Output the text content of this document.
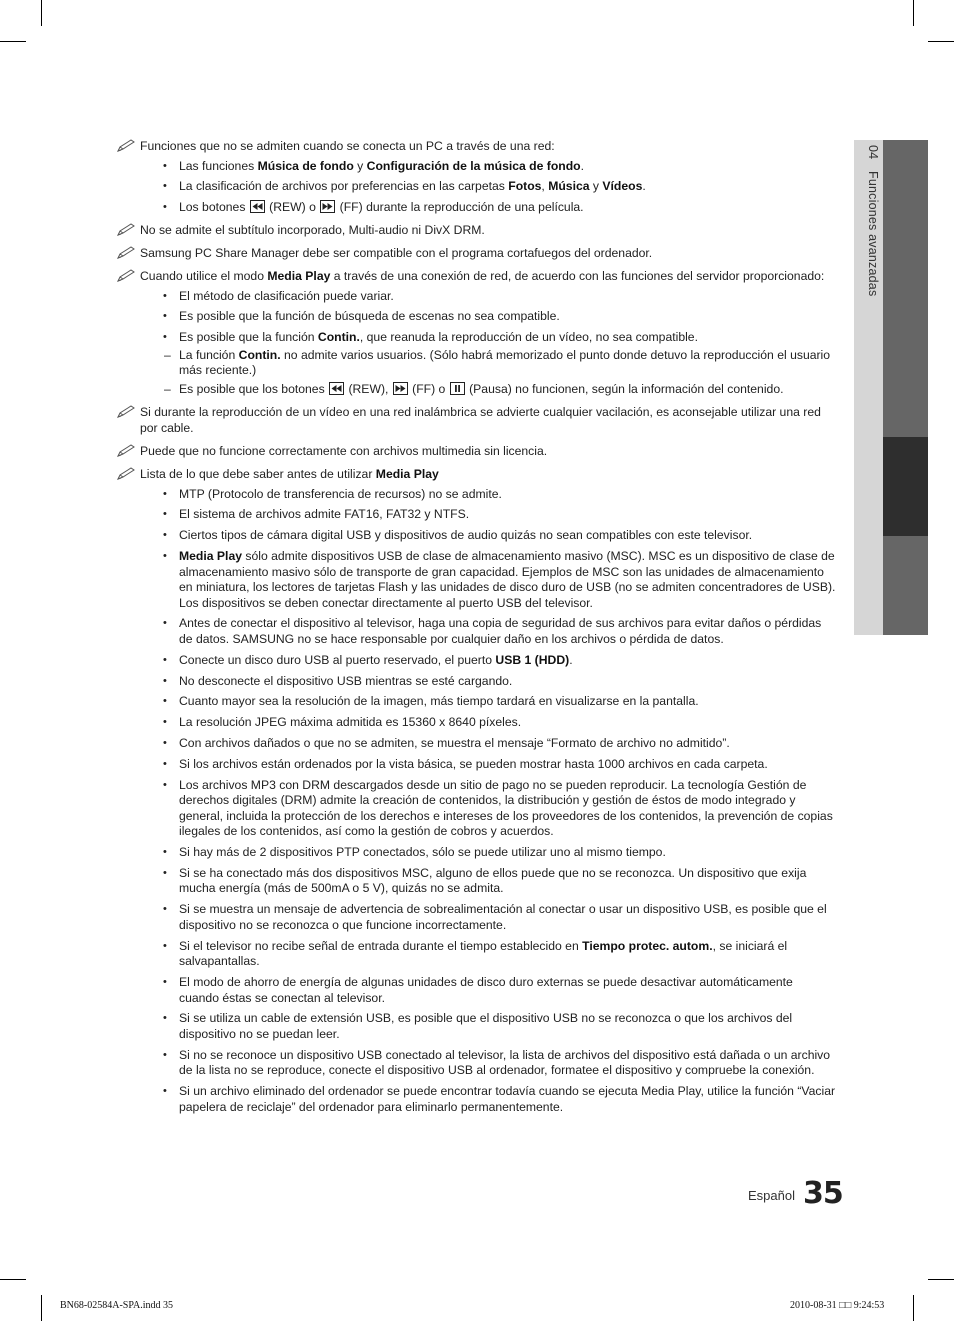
04 Funciones avanzadas
Funciones que no se admiten cuando se conecta un PC a través de una red:
• Las funciones Música de fondo y Configuración de la música de fondo.
• La clasificación de archivos por preferencias en las carpetas Fotos, Música y Vídeos.
• Los botones
(REW) o
(FF) durante la reproducción de una película.
No se admite el subtítulo incorporado, Multi-audio ni DivX DRM.
Samsung PC Share Manager debe ser compatible con el programa cortafuegos del ordenador.
Cuando utilice el modo Media Play a través de una conexión de red, de acuerdo con las funciones del servidor proporcionado:
• El método de clasificación puede variar.
• Es posible que la función de búsqueda de escenas no sea compatible.
• Es posible que la función Contin., que reanuda la reproducción de un vídeo, no sea compatible.
– La función Contin. no admite varios usuarios. (Sólo habrá memorizado el punto donde detuvo la reproducción el usuario más reciente.)
– Es posible que los botones
(REW),
(FF) o
(Pausa) no funcionen, según la información del contenido.
Si durante la reproducción de un vídeo en una red inalámbrica se advierte cualquier vacilación, es aconsejable utilizar una red por cable.
Puede que no funcione correctamente con archivos multimedia sin licencia.
Lista de lo que debe saber antes de utilizar Media Play
• MTP (Protocolo de transferencia de recursos) no se admite.
• El sistema de archivos admite FAT16, FAT32 y NTFS.
• Ciertos tipos de cámara digital USB y dispositivos de audio quizás no sean compatibles con este televisor.
• Media Play sólo admite dispositivos USB de clase de almacenamiento masivo (MSC). MSC es un dispositivo de clase de almacenamiento masivo sólo de transporte de gran capacidad. Ejemplos de MSC son las unidades de almacenamiento en miniatura, los lectores de tarjetas Flash y las unidades de disco duro de USB (no se admiten concentradores de USB). Los dispositivos se deben conectar directamente al puerto USB del televisor.
• Antes de conectar el dispositivo al televisor, haga una copia de seguridad de sus archivos para evitar daños o pérdidas de datos. SAMSUNG no se hace responsable por cualquier daño en los archivos o pérdida de datos.
• Conecte un disco duro USB al puerto reservado, el puerto USB 1 (HDD).
• No desconecte el dispositivo USB mientras se esté cargando.
• Cuanto mayor sea la resolución de la imagen, más tiempo tardará en visualizarse en la pantalla.
• La resolución JPEG máxima admitida es 15360 x 8640 píxeles.
• Con archivos dañados o que no se admiten, se muestra el mensaje “Formato de archivo no admitido”.
• Si los archivos están ordenados por la vista básica, se pueden mostrar hasta 1000 archivos en cada carpeta.
• Los archivos MP3 con DRM descargados desde un sitio de pago no se pueden reproducir. La tecnología Gestión de derechos digitales (DRM) admite la creación de contenidos, la distribución y gestión de éstos de modo integrado y general, incluida la protección de los derechos e intereses de los proveedores de los contenidos, la prevención de copias ilegales de los contenidos, así como la gestión de cobros y acuerdos.
• Si hay más de 2 dispositivos PTP conectados, sólo se puede utilizar uno al mismo tiempo.
• Si se ha conectado más dos dispositivos MSC, alguno de ellos puede que no se reconozca. Un dispositivo que exija mucha energía (más de 500mA o 5 V), quizás no se admita.
• Si se muestra un mensaje de advertencia de sobrealimentación al conectar o usar un dispositivo USB, es posible que el dispositivo no se reconozca o que funcione incorrectamente.
• Si el televisor no recibe señal de entrada durante el tiempo establecido en Tiempo protec. autom., se iniciará el salvapantallas.
• El modo de ahorro de energía de algunas unidades de disco duro externas se puede desactivar automáticamente cuando éstas se conectan al televisor.
• Si se utiliza un cable de extensión USB, es posible que el dispositivo USB no se reconozca o que los archivos del dispositivo no se puedan leer.
• Si no se reconoce un dispositivo USB conectado al televisor, la lista de archivos del dispositivo está dañada o un archivo de la lista no se reproduce, conecte el dispositivo USB al ordenador, formatee el dispositivo y compruebe la conexión.
• Si un archivo eliminado del ordenador se puede encontrar todavía cuando se ejecuta Media Play, utilice la función “Vaciar papelera de reciclaje” del ordenador para eliminarlo permanentemente.
Español 35
BN68-02584A-SPA.indd 35	2010-08-31 □□ 9:24:53
